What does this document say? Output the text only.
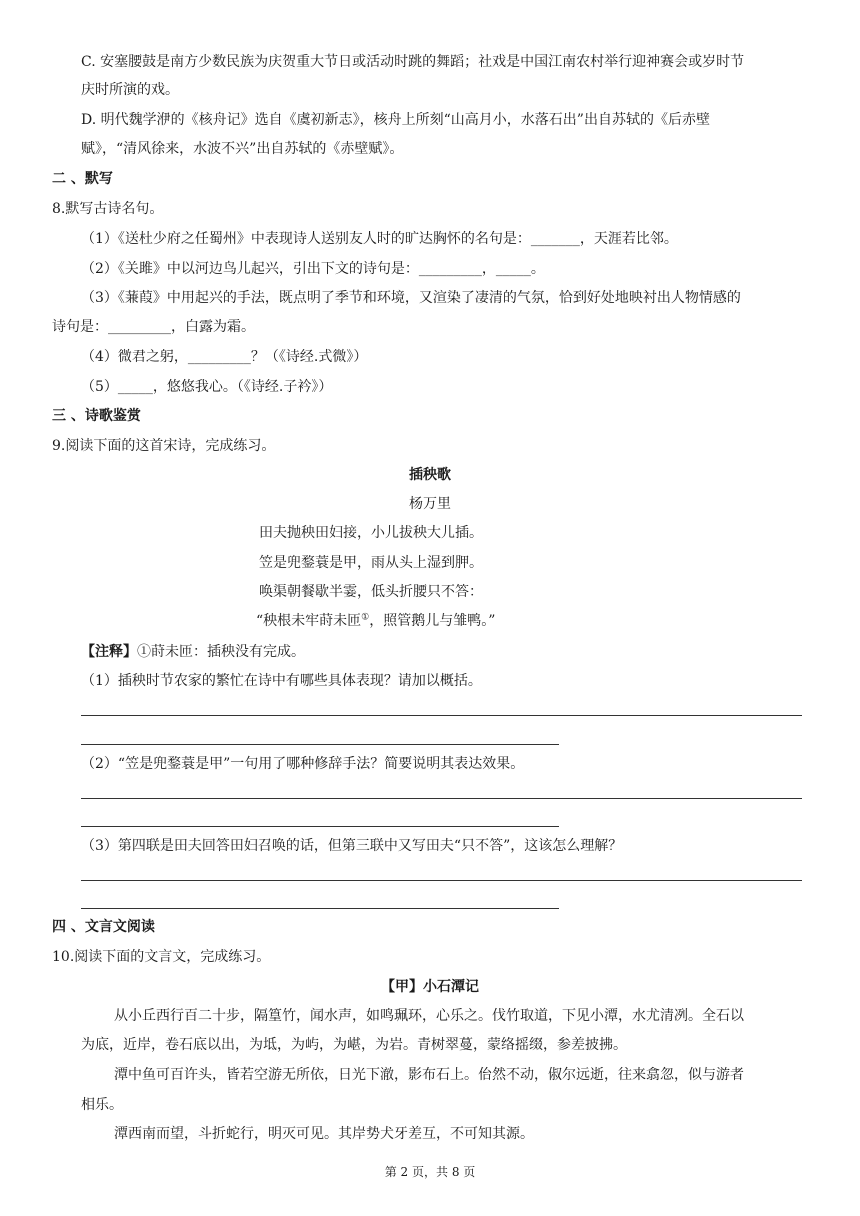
C. 安塞腰鼓是南方少数民族为庆贺重大节日或活动时跳的舞蹈；社戏是中国江南农村举行迎神赛会或岁时节
庆时所演的戏。
D. 明代魏学洢的《核舟记》选自《虞初新志》，核舟上所刻“山高月小，水落石出”出自苏轼的《后赤壁
赋》，“清风徐来，水波不兴”出自苏轼的《赤壁赋》。
二 、默写
8.默写古诗名句。
（1）《送杜少府之任蜀州》中表现诗人送别友人时的旷达胸怀的名句是：_______，天涯若比邻。
（2）《关雎》中以河边鸟儿起兴，引出下文的诗句是：_________，_____。
（3）《蒹葭》中用起兴的手法，既点明了季节和环境，又渲染了凄清的气氛，恰到好处地映衬出人物情感的
诗句是：_________，白露为霜。
（4）微君之躬，_________？（《诗经.式微》）
（5）_____，悠悠我心。（《诗经.子衿》）
三 、诗歌鉴赏
9.阅读下面的这首宋诗，完成练习。
插秧歌
杨万里
田夫抛秧田妇接，小儿拔秧大儿插。
笠是兜鍪蓑是甲，雨从头上湿到胛。
唤渠朝餐歇半霎，低头折腰只不答：
“秧根未牢莳未匝①，照管鹅儿与雏鸭。”
【注释】①莳未匝：插秧没有完成。
（1）插秧时节农家的繁忙在诗中有哪些具体表现？请加以概括。
（2）“笠是兜鍪蓑是甲”一句用了哪种修辞手法？简要说明其表达效果。
（3）第四联是田夫回答田妇召唤的话，但第三联中又写田夫“只不答”，这该怎么理解？
四 、文言文阅读
10.阅读下面的文言文，完成练习。
【甲】小石潭记
从小丘西行百二十步，隔篁竹，闻水声，如鸣珮环，心乐之。伐竹取道，下见小潭，水尤清冽。全石以
为底，近岸，卷石底以出，为坻，为屿，为嵁，为岩。青树翠蔓，蒙络摇缀，参差披拂。
潭中鱼可百许头，皆若空游无所依，日光下澈，影布石上。佁然不动，俶尔远逝，往来翕忽，似与游者
相乐。
潭西南而望，斗折蛇行，明灭可见。其岸势犬牙差互，不可知其源。
第 2 页，共 8 页
